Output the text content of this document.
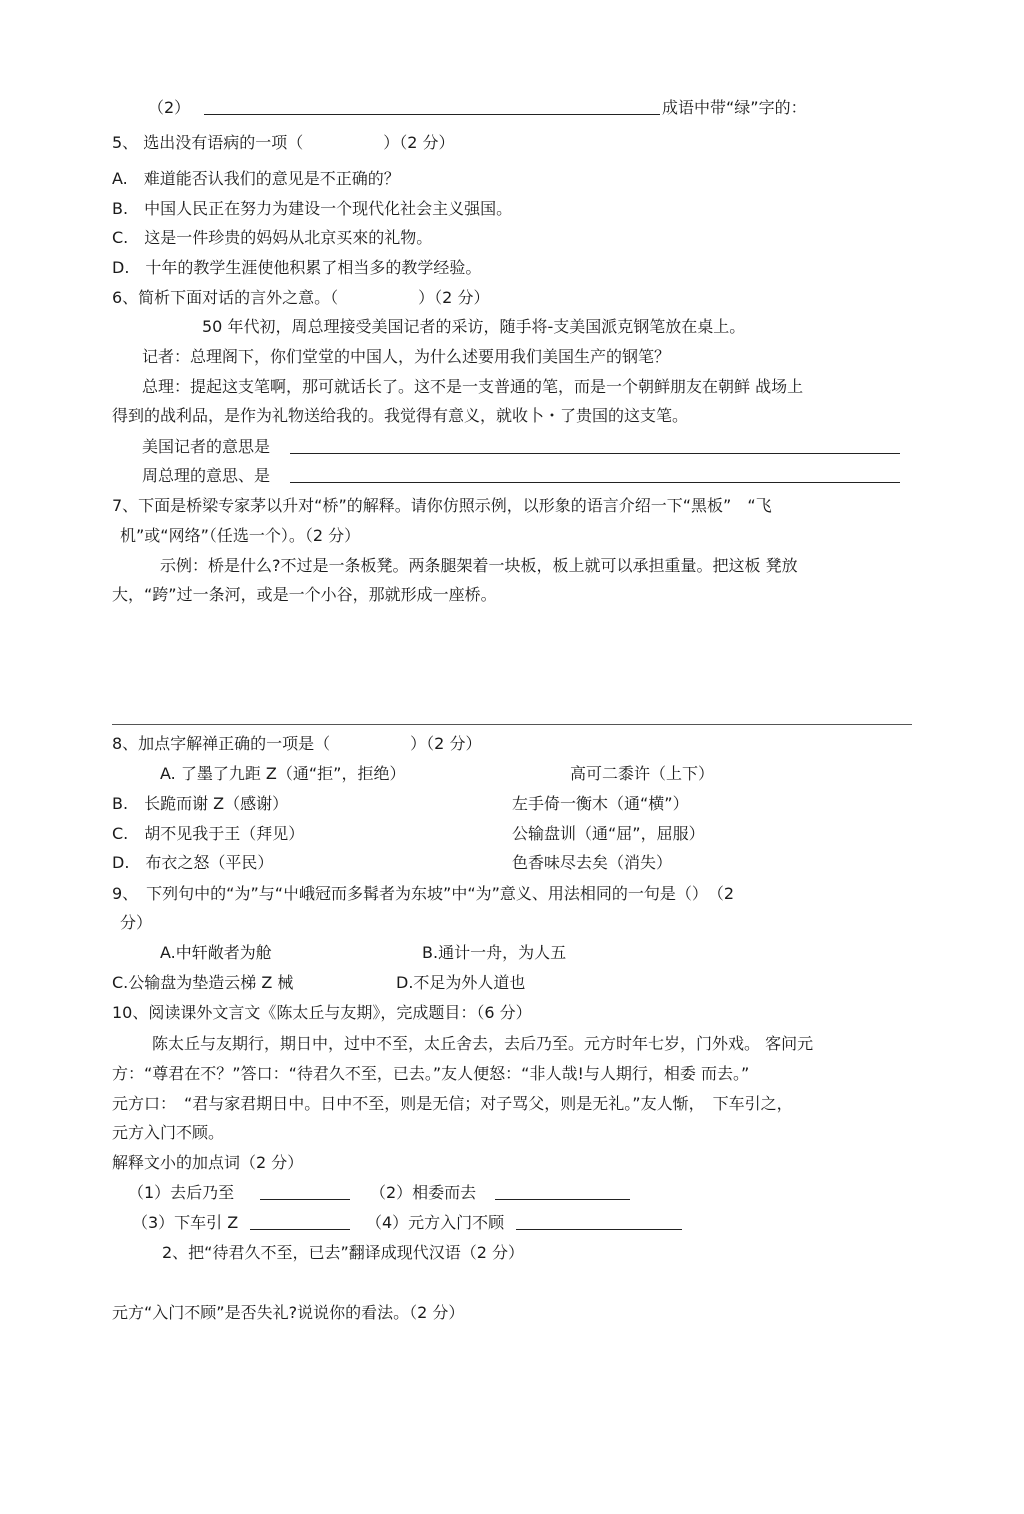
（2）	成语中带“绿”字的：
5、 选出没有语病的一项（　　　　　）（2 分）
A.　难道能否认我们的意见是不正确的？
B.　中国人民正在努力为建设一个现代化社会主义强国。
C.　这是一件珍贵的妈妈从北京买來的礼物。
D.　十年的教学生涯使他积累了相当多的教学经验。
6、简析下面对话的言外之意。（　　　　　）（2 分）
50 年代初，周总理接受美国记者的采访，随手将-支美国派克钢笔放在桌上。
记者：总理阁下，你们堂堂的中国人，为什么述要用我们美国生产的钢笔？
总理：提起这支笔啊，那可就话长了。这不是一支普通的笔，而是一个朝鲜朋友在朝鲜 战场上
得到的战利品，是作为礼物送给我的。我觉得有意义，就收卜・了贵国的这支笔。
美国记者的意思是
周总理的意思、是
7、下面是桥梁专家茅以升对“桥”的解释。请你仿照示例，以形象的语言介绍一下“黑板”　“飞
机”或“网络”（任选一个）。（2 分）
示例：桥是什么?不过是一条板凳。两条腿架着一块板，板上就可以承担重量。把这板 凳放
大，“跨”过一条河，或是一个小谷，那就形成一座桥。
8、加点字解禅正确的一项是（　　　　　）（2 分）
A. 了墨了九距 Z（通“拒”，拒绝）	高可二黍许（上下）
B.　长跪而谢 Z（感谢）	左手倚一衡木（通“横”）
C.　胡不见我于王（拜见）	公输盘训（通“屈”，屈服）
D.　布衣之怒（平民）	色香味尽去矣（消失）
9、　下列句中的“为”与“屮峨冠而多髯者为东坡”中“为”意义、用法相同的一句是（）　（2
分）
A.中轩敞者为舱	B.通计一舟，为人五
C.公输盘为垫造云梯 Z 械	D.不足为外人道也
10、阅读课外文言文《陈太丘与友期》，完成题目：（6 分）
陈太丘与友期行，期日中，过中不至，太丘舍去，去后乃至。元方时年七岁，门外戏。 客问元
方：“尊君在不？”答口：“待君久不至，已去。”友人便怒：“非人哉!与人期行，相委 而去。”
元方口：　“君与家君期日中。日中不至，则是无信；对子骂父，则是无礼。”友人惭，　下车引之，
元方入门不顾。
解释文小的加点词（2 分）
（1）去后乃至	（2）相委而去
（3）下车引 Z	（4）元方入门不顾
2、把“待君久不至，已去”翻译成现代汉语（2 分）
元方“入门不顾”是否失礼?说说你的看法。（2 分）
